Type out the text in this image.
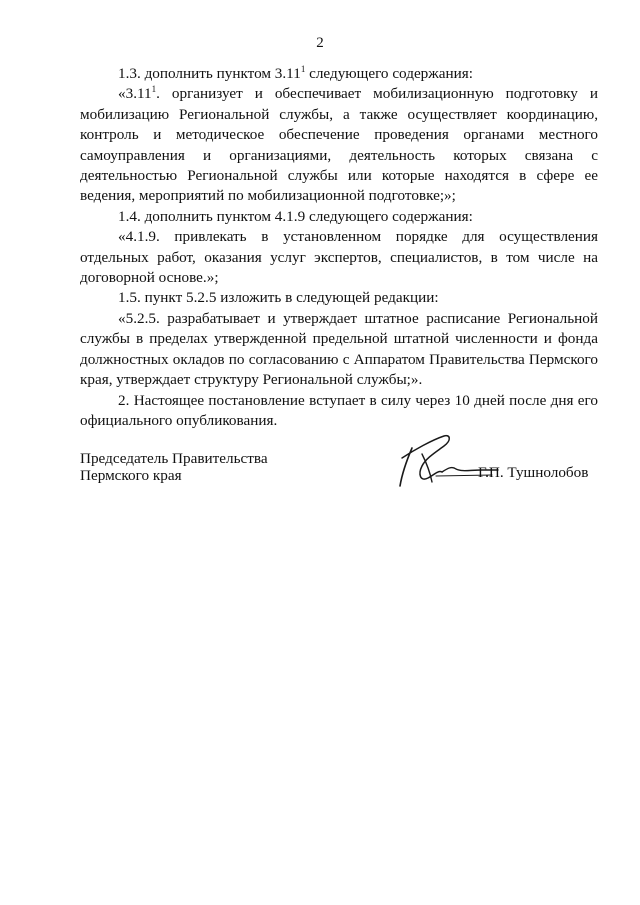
2

1.3. дополнить пунктом 3.11$^1$ следующего содержания:

«3.11$^1$. организует и обеспечивает мобилизационную подготовку и мобилизацию Региональной службы, а также осуществляет координацию, контроль и методическое обеспечение проведения органами местного самоуправления и организациями, деятельность которых связана с деятельностью Региональной службы или которые находятся в сфере ее ведения, мероприятий по мобилизационной подготовке;»;

1.4. дополнить пунктом 4.1.9 следующего содержания:

«4.1.9. привлекать в установленном порядке для осуществления отдельных работ, оказания услуг экспертов, специалистов, в том числе на договорной основе.»;

1.5. пункт 5.2.5 изложить в следующей редакции:

«5.2.5. разрабатывает и утверждает штатное расписание Региональной службы в пределах утвержденной предельной штатной численности и фонда должностных окладов по согласованию с Аппаратом Правительства Пермского края, утверждает структуру Региональной службы;».

2. Настоящее постановление вступает в силу через 10 дней после дня его официального опубликования.

Председатель Правительства
Пермского края	Г.П. Тушнолобов
